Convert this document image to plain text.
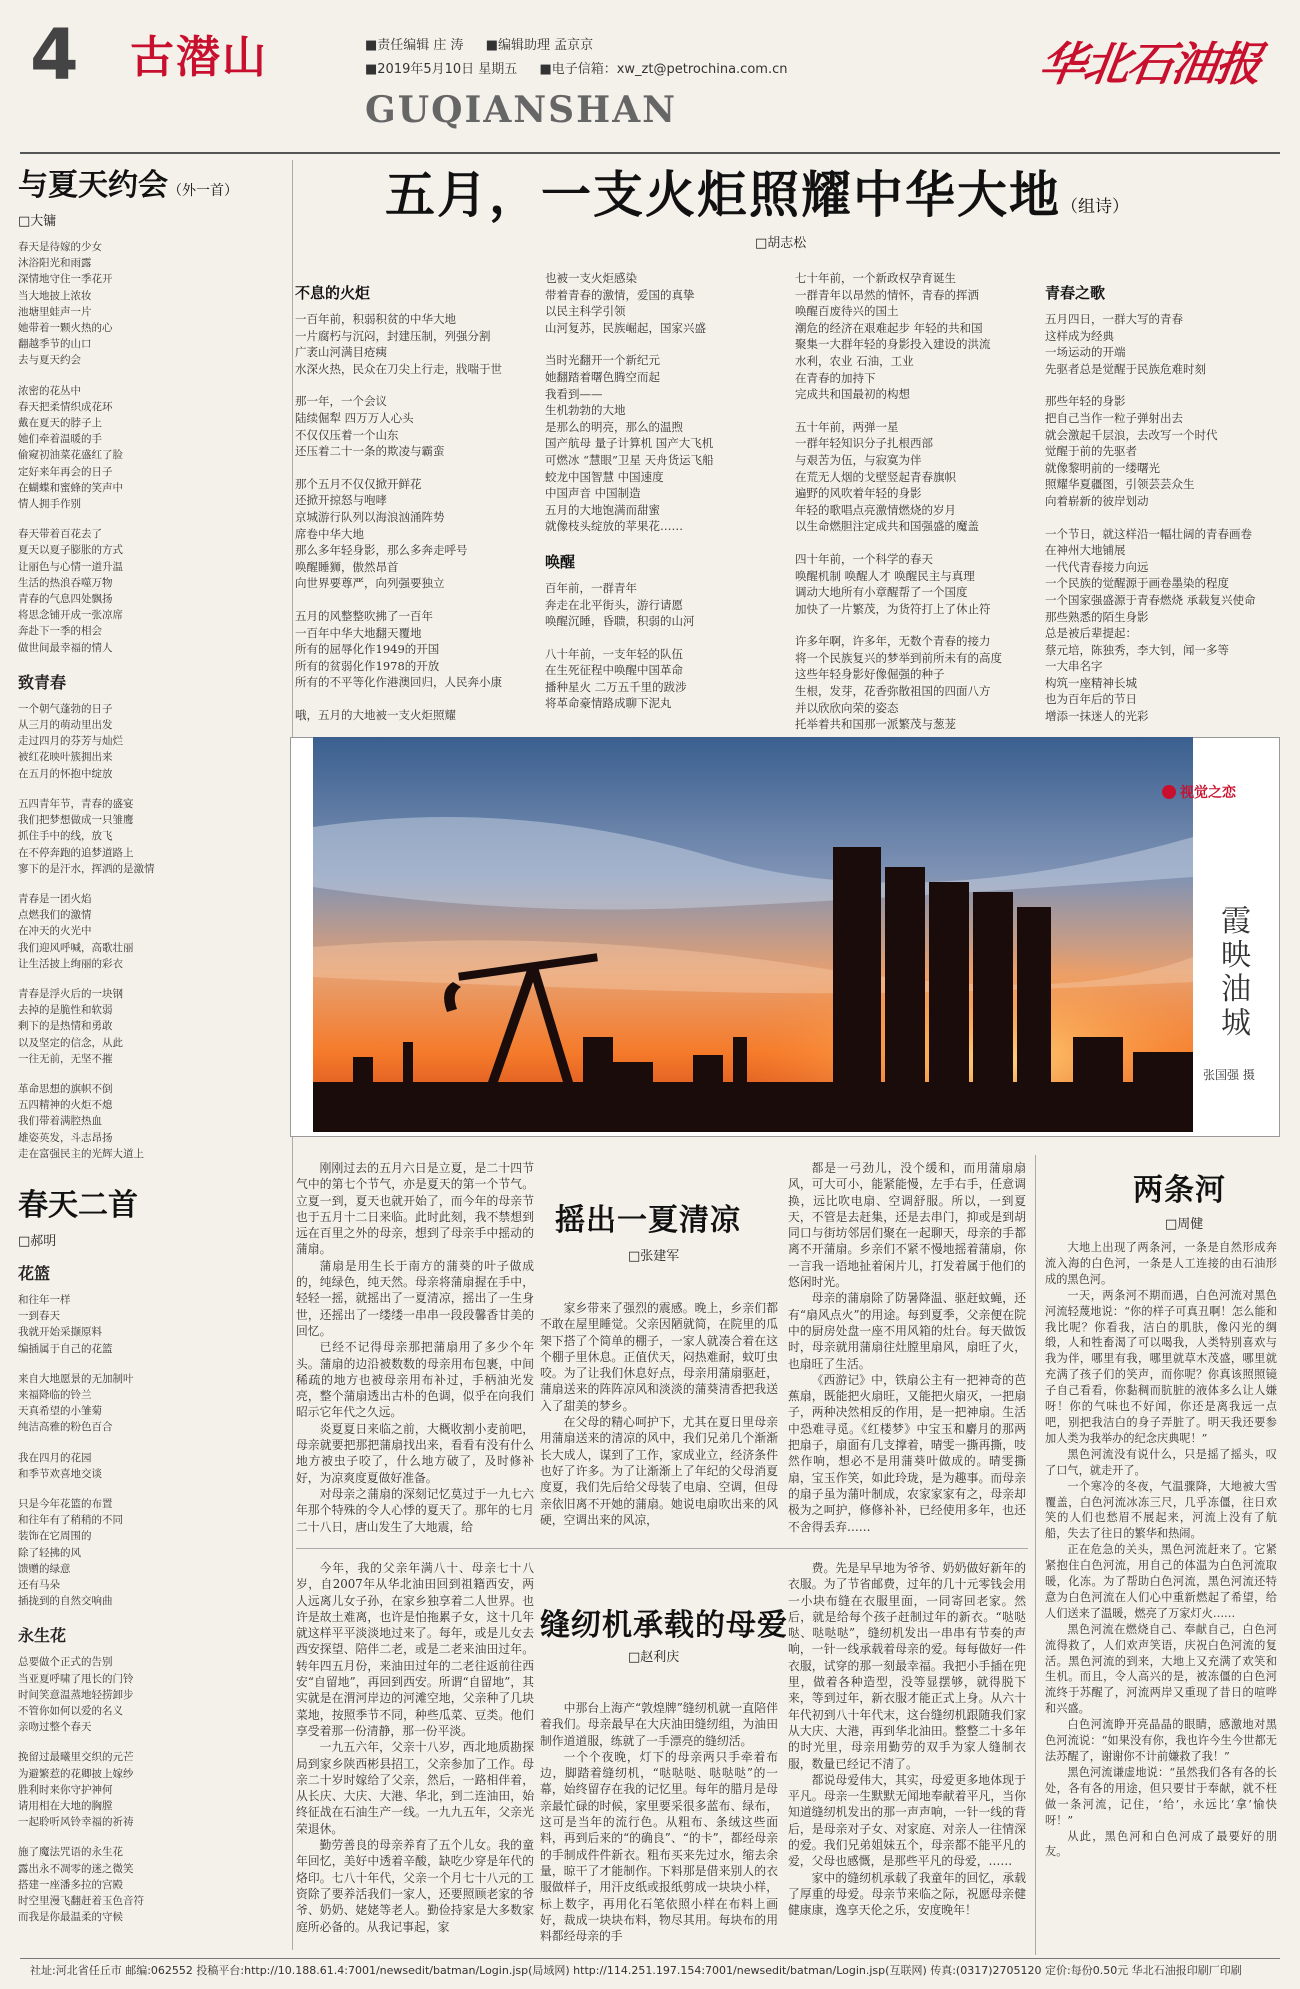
4 古潜山	■责任编辑 庄 涛 ■编辑助理 孟京京
■2019年5月10日 星期五 ■电子信箱：xw_zt@petrochina.com.cn
GUQIANSHAN
华北石油报
与夏天约会（外一首）
□大镛
春天是待嫁的少女
沐浴阳光和雨露
深情地守住一季花开
当大地披上浓妆
池塘里蛙声一片
她带着一颗火热的心
翻越季节的山口
去与夏天约会
浓密的花丛中
春天把柔情织成花环
戴在夏天的脖子上
她们牵着温暖的手
偷窥初油菜花盛红了脸
定好来年再会的日子
在蝴蝶和蜜蜂的笑声中
情人拥手作别
春天带着百花去了
夏天以夏子膨胀的方式
让丽色与心情一道升温
生活的热浪吞噬万物
青春的气息四处飘扬
将思念铺开成一张凉席
奔赴下一季的相会
做世间最幸福的情人
致青春
一个朝气蓬勃的日子
从三月的萌动里出发
走过四月的芬芳与灿烂
被红花映叶簇拥出来
在五月的怀抱中绽放
五四青年节，青春的盛宴
我们把梦想做成一只雏鹰
抓住手中的线，放飞
在不停奔跑的追梦道路上
寥下的是汗水，挥洒的是激情
青春是一团火焰
点燃我们的激情
在冲天的火光中
我们迎风呼喊，高歌壮丽
让生活披上绚丽的彩衣
青春是浮火后的一块钢
去掉的是脆性和软弱
剩下的是热情和勇敢
以及坚定的信念，从此
一往无前，无坚不摧
革命思想的旗帜不倒
五四精神的火炬不熄
我们带着满腔热血
雄姿英发，斗志昂扬
走在富强民主的光辉大道上
春天二首
□郝明
花篮
和往年一样
一到春天
我就开始采撷原料
编插属于自己的花篮
来自大地愿景的无加制叶
来福降临的铃兰
天真希望的小雏菊
纯洁高雅的粉色百合
我在四月的花园
和季节欢喜地交谈
只是今年花篮的布置
和往年有了稍稍的不同
装饰在它周围的
除了轻拂的风
馈赠的绿意
还有马朵
插拢到的自然交响曲
永生花
总要做个正式的告别
当亚夏呼啸了甩长的门铃
时间笑意温蒸地轻捞卸步
不管你如何以爱的名义
亲吻过整个春天
挽留过最曦里交织的元芒
为避繁惹的花卿披上嫁纱
胜利时来你守护神何
请用相在大地的胸膛
一起聆听风铃幸福的祈祷
施了魔法咒语的永生花
露出永不凋零的迷之微笑
搭建一座潘多拉的宫殿
时空里漫飞翻赶着玉色音符
而我是你最温柔的守候
五月，一支火炬照耀中华大地（组诗）
□胡志松
不息的火炬
一百年前，积弱积贫的中华大地
一片腐朽与沉闷，封建压制，列强分割
广袤山河满目疮痍
水深火热，民众在刀尖上行走，戕喘于世
那一年，一个会议
陆续倔犁 四万万人心头
不仅仅压着一个山东
还压着二十一条的欺凌与霸蛮
那个五月不仅仅掀开鲜花
还掀开掠怒与咆哮
京城游行队列以海浪汹涌阵势
席卷中华大地
那么多年轻身影，那么多奔走呼号
唤醒睡狮，傲然昂首
向世界要尊严，向列强要独立
五月的风整整吹拂了一百年
一百年中华大地翻天覆地
所有的屈辱化作1949的开国
所有的贫弱化作1978的开放
所有的不平等化作港澳回归，人民奔小康
哦，五月的大地被一支火炬照耀
也被一支火炬感染
带着青春的激情，爱国的真挚
以民主科学引领
山河复苏，民族崛起，国家兴盛
当时光翻开一个新纪元
她翻踏着曙色腾空而起
我看到——
生机勃勃的大地
是那么的明亮，那么的温煦
国产航母 量子计算机 国产大飞机
可燃冰 “慧眼”卫星 天舟货运飞船
蛟龙中国智慧 中国速度
中国声音 中国制造
五月的大地饱满而甜蜜
就像枝头绽放的苹果花……
唤醒
百年前，一群青年
奔走在北平街头，游行请愿
唤醒沉睡，昏聩，积弱的山河
八十年前，一支年轻的队伍
在生死征程中唤醒中国革命
播种星火 二万五千里的跋涉
将革命豪情路成聊下泥丸
七十年前，一个新政权孕育诞生
一群青年以昂然的情怀，青春的挥洒
唤醒百废待兴的国土
潮危的经济在艰难起步 年轻的共和国
聚集一大群年轻的身影投入建设的洪流
水利，农业 石油，工业
在青春的加持下
完成共和国最初的构想
五十年前，两弹一星
一群年轻知识分子扎根西部
与艰苦为伍，与寂寞为伴
在荒无人烟的戈壁竖起青春旗帜
遍野的风吹着年轻的身影
年轻的歌唱点亮激情燃烧的岁月
以生命燃胆注定成共和国强盛的魔盖
四十年前，一个科学的春天
唤醒机制 唤醒人才 唤醒民主与真理
调动大地所有小章醒帮了一个国度
加快了一片繁茂，为货符打上了休止符
许多年啊，许多年，无数个青春的接力
将一个民族复兴的梦举到前所未有的高度
这些年轻身影好像倔强的种子
生根，发芽，花香弥散祖国的四面八方
并以欣欣向荣的姿态
托举着共和国那一派繁茂与葱茏
青春之歌
五月四日，一群大写的青春
这样成为经典
一场运动的开端
先驱者总是觉醒于民族危难时刻
那些年轻的身影
把自己当作一粒子弹射出去
就会激起千层浪，去改写一个时代
觉醒于前的先驱者
就像黎明前的一缕曙光
照耀华夏疆图，引领芸芸众生
向着崭新的彼岸划动
一个节日，就这样沿一幅壮阔的青春画卷
在神州大地铺展
一代代青春接力向远
一个民族的觉醒源于画卷墨染的程度
一个国家强盛源于青春燃烧 承载复兴使命
那些熟悉的陌生身影
总是被后辈提起：
蔡元培，陈独秀，李大钊，闻一多等
一大串名字
构筑一座精神长城
也为百年后的节日
增添一抹迷人的光彩
视觉之恋
霞映油城
张国强 摄

刚刚过去的五月六日是立夏，是二十四节气中的第七个节气，亦是夏天的第一个节气。立夏一到，夏天也就开始了，而今年的母亲节也于五月十二日来临。此时此刻，我不禁想到远在百里之外的母亲，想到了母亲手中摇动的蒲扇。

蒲扇是用生长于南方的蒲葵的叶子做成的，纯绿色，纯天然。母亲将蒲扇握在手中，轻轻一摇，就摇出了一夏清凉，摇出了一生身世，还摇出了一缕缕一串串一段段馨香甘美的回忆。

已经不记得母亲那把蒲扇用了多少个年头。蒲扇的边沿被数数的母亲用布包裹，中间稀疏的地方也被母亲用布补过，手柄油光发亮，整个蒲扇透出古朴的色调，似乎在向我们昭示它年代之久远。

炎夏夏日来临之前，大概收割小麦前吧，母亲就要把那把蒲扇找出来，看看有没有什么地方被虫子咬了，什么地方破了，及时修补好，为凉爽度夏做好准备。

对母亲之蒲扇的深刻记忆莫过于一九七六年那个特殊的令人心悸的夏天了。那年的七月二十八日，唐山发生了大地震，给

摇出一夏清凉
□张建军

家乡带来了强烈的震感。晚上，乡亲们都不敢在屋里睡觉。父亲因陋就简，在院里的瓜架下搭了个简单的棚子，一家人就凑合着在这个棚子里休息。正值伏天，闷热难耐，蚊叮虫咬。为了让我们休息好点，母亲用蒲扇驱赶，蒲扇送来的阵阵凉风和淡淡的蒲葵清香把我送入了甜美的梦乡。

在父母的精心呵护下，尤其在夏日里母亲用蒲扇送来的清凉的风中，我们兄弟几个渐渐长大成人，谋到了工作，家成业立，经济条件也好了许多。为了让渐渐上了年纪的父母消夏度夏，我们先后给父母装了电扇、空调，但母亲依旧离不开她的蒲扇。她说电扇吹出来的风硬，空调出来的风凉，

都是一弓劲儿，没个缓和，而用蒲扇扇风，可大可小，能紧能慢，左手右手，任意调换，远比吹电扇、空调舒服。所以，一到夏天，不管是去赶集，还是去串门，抑或是到胡同口与街坊邻居们聚在一起聊天，母亲的手都离不开蒲扇。乡亲们不紧不慢地摇着蒲扇，你一言我一语地扯着闲片儿，打发着属于他们的悠闲时光。

母亲的蒲扇除了防暑降温、驱赶蚊蝇，还有“扇风点火”的用途。每到夏季，父亲便在院中的厨房处盘一座不用风箱的灶台。每天做饭时，母亲就用蒲扇往灶膛里扇风，扇旺了火，也扇旺了生活。

《西游记》中，铁扇公主有一把神奇的芭蕉扇，既能把火扇旺，又能把火扇灭，一把扇子，两种决然相反的作用，是一把神扇。生活中恐难寻觅。《红楼梦》中宝玉和麝月的那两把扇子，扇面有几支撑着，晴雯一撕再撕，吱然作响，想必不是用蒲葵叶做成的。晴雯撕扇，宝玉作笑，如此玲珑，是为趣事。而母亲的扇子虽为蒲叶制成，农家家家有之，母亲却极为之呵护，修修补补，已经使用多年，也还不舍得丢弃……

今年，我的父亲年满八十、母亲七十八岁，自2007年从华北油田回到祖籍西安，两人远离儿女子孙，在家乡独享着二人世界。也许是故土难离，也许是怕拖累子女，这十几年就这样平平淡淡地过来了。每年，或是儿女去西安探望、陪伴二老，或是二老来油田过年。转年四五月份，来油田过年的二老往返前往西安“自留地”，再回到西安。所谓“自留地”，其实就是在渭河岸边的河滩空地，父亲种了几块菜地，按照季节不同，种些瓜菜、豆类。他们享受着那一份清静，那一份平淡。

一九五六年，父亲十八岁，西北地质勘探局到家乡陕西彬县招工，父亲参加了工作。母亲二十岁时嫁给了父亲，然后，一路相伴着，从长庆、大庆、大港、华北，到二连油田，始终征战在石油生产一线。一九九五年，父亲光荣退休。

勤劳善良的母亲养育了五个儿女。我的童年回忆，美好中透着辛酸，缺吃少穿是年代的烙印。七八十年代，父亲一个月七十八元的工资除了要养活我们一家人，还要照顾老家的爷爷、奶奶、姥姥等老人。勤俭持家是大多数家庭所必备的。从我记事起，家

缝纫机承载的母爱
□赵利庆

中那台上海产“敦煌牌”缝纫机就一直陪伴着我们。母亲最早在大庆油田缝纫组，为油田制作道道服，练就了一手漂亮的缝纫活。

一个个夜晚，灯下的母亲两只手牵着布边，脚踏着缝纫机，“哒哒哒、哒哒哒”的一幕，始终留存在我的记忆里。每年的腊月是母亲最忙碌的时候，家里要采很多蓝布、绿布，这可是当年的流行色。从粗布、条绒这些面料，再到后来的“的确良”、“的卡”，都经母亲的手制成件件新衣。粗布买来先过水，缩去余量，晾干了才能制作。下料那是借来别人的衣服做样子，用汗皮纸或报纸剪成一块块小样，标上数字，再用化石笔依照小样在布料上画好，裁成一块块布料，物尽其用。每块布的用料都经母亲的手

费。先是早早地为爷爷、奶奶做好新年的衣服。为了节省邮费，过年的几十元零钱会用一小块布缝在衣服里面，一同寄回老家。然后，就是给每个孩子赶制过年的新衣。“哒哒哒、哒哒哒”，缝纫机发出一串串有节奏的声响，一针一线承载着母亲的爱。每每做好一件衣服，试穿的那一刻最幸福。我把小手插在兜里，做着各种造型，没等显摆够，就得脱下来，等到过年，新衣服才能正式上身。从六十年代初到八十年代末，这台缝纫机跟随我们家从大庆、大港，再到华北油田。整整二十多年的时光里，母亲用勤劳的双手为家人缝制衣服，数量已经记不清了。

都说母爱伟大，其实，母爱更多地体现于平凡。母亲一生默默无闻地奉献着平凡，当你知道缝纫机发出的那一声声响，一针一线的背后，是母亲对子女、对家庭、对亲人一往情深的爱。我们兄弟姐妹五个，母亲都不能平凡的爱，父母也感慨，是那些平凡的母爱，……

家中的缝纫机承载了我童年的回忆，承载了厚重的母爱。母亲节来临之际，祝愿母亲健健康康，逸享天伦之乐，安度晚年！

两条河
□周健

大地上出现了两条河，一条是自然形成奔流入海的白色河，一条是人工连接的由石油形成的黑色河。

一天，两条河不期而遇，白色河流对黑色河流轻蔑地说：“你的样子可真丑啊！怎么能和我比呢？你看我，洁白的肌肤，像闪光的绸缎，人和牲畜渴了可以喝我，人类特别喜欢与我为伴，哪里有我，哪里就草木茂盛，哪里就充满了孩子们的笑声，而你呢？你真该照照镜子自己看看，你黏稠而肮脏的液体多么让人嫌呀！你的气味也不好闻，你还是离我远一点吧，别把我洁白的身子弄脏了。明天我还要参加人类为我举办的纪念庆典呢！”

黑色河流没有说什么，只是摇了摇头，叹了口气，就走开了。

一个寒冷的冬夜，气温骤降，大地被大雪覆盖，白色河流冰冻三尺，几乎冻僵，往日欢笑的人们也愁眉不展起来，河流上没有了航船，失去了往日的繁华和热闹。

正在危急的关头，黑色河流赶来了。它紧紧抱住白色河流，用自己的体温为白色河流取暖，化冻。为了帮助白色河流，黑色河流还特意为白色河流在人们心中重新燃起了希望，给人们送来了温暖，燃亮了万家灯火……

黑色河流在燃烧自己、奉献自己，白色河流得救了，人们欢声笑语，庆祝白色河流的复活。黑色河流的到来，大地上又充满了欢笑和生机。而且，令人高兴的是，被冻僵的白色河流终于苏醒了，河流两岸又重现了昔日的喧哗和兴盛。

白色河流睁开亮晶晶的眼睛，感激地对黑色河流说：“如果没有你，我也许今生今世都无法苏醒了，谢谢你不计前嫌救了我！”

黑色河流谦虚地说：“虽然我们各有各的长处，各有各的用途，但只要甘于奉献，就不枉做一条河流，记住，‘给’，永远比‘拿’愉快呀！”

从此，黑色河和白色河成了最要好的朋友。

社址:河北省任丘市 邮编:062552 投稿平台:http://10.188.61.4:7001/newsedit/batman/Login.jsp(局域网) http://114.251.197.154:7001/newsedit/batman/Login.jsp(互联网) 传真:(0317)2705120 定价:每份0.50元 华北石油报印刷厂印刷
